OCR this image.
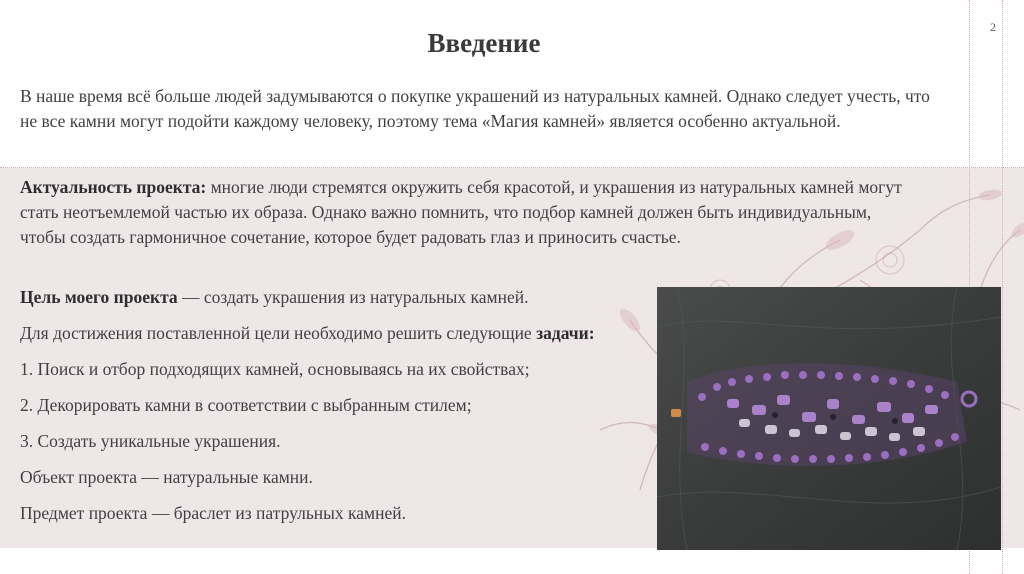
2
Введение
В наше время всё больше людей задумываются о покупке украшений из натуральных камней. Однако следует учесть, что не все камни могут подойти каждому человеку, поэтому тема «Магия камней» является особенно актуальной.
Актуальность проекта: многие люди стремятся окружить себя красотой, и украшения из натуральных камней могут стать неотъемлемой частью их образа. Однако важно помнить, что подбор камней должен быть индивидуальным, чтобы создать гармоничное сочетание, которое будет радовать глаз и приносить счастье.
Цель моего проекта — создать украшения из натуральных камней.
Для достижения поставленной цели необходимо решить следующие задачи:
1. Поиск и отбор подходящих камней, основываясь на их свойствах;
2. Декорировать камни в соответствии с выбранным стилем;
3. Создать уникальные украшения.
Объект проекта — натуральные камни.
Предмет проекта — браслет из патрульных камней.
